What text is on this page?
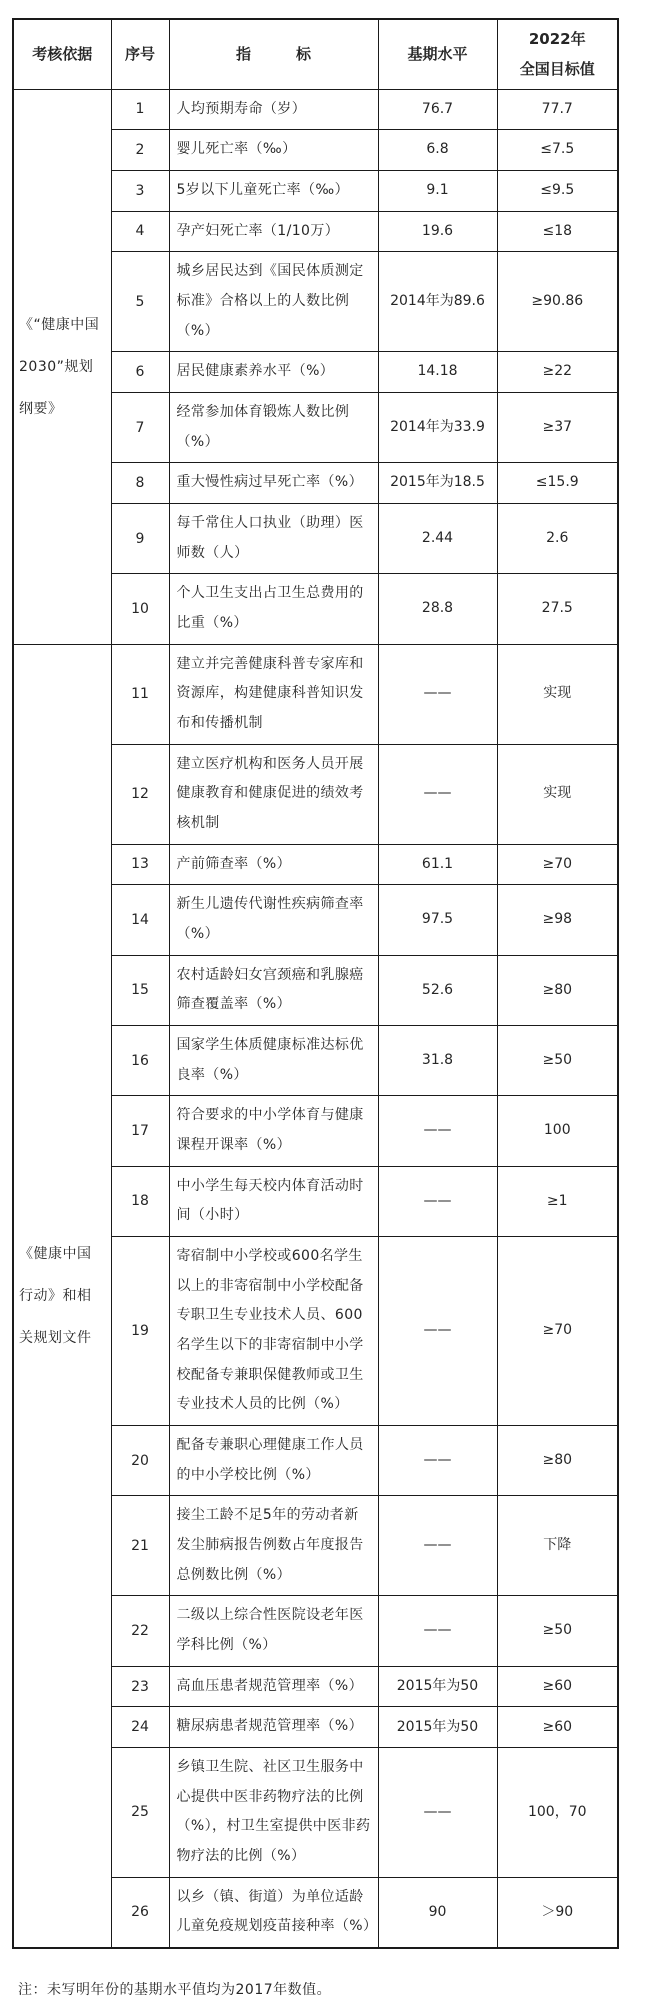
考核依据	序号	指　　　标	基期水平	2022年
全国目标值

《“健康中国2030”规划纲要》	1	人均预期寿命（岁）	76.7	77.7
	2	婴儿死亡率（‰）	6.8	≤7.5
	3	5岁以下儿童死亡率（‰）	9.1	≤9.5
	4	孕产妇死亡率（1/10万）	19.6	≤18
	5	城乡居民达到《国民体质测定标准》合格以上的人数比例（%）	2014年为89.6	≥90.86
	6	居民健康素养水平（%）	14.18	≥22
	7	经常参加体育锻炼人数比例（%）	2014年为33.9	≥37
	8	重大慢性病过早死亡率（%）	2015年为18.5	≤15.9
	9	每千常住人口执业（助理）医师数（人）	2.44	2.6
	10	个人卫生支出占卫生总费用的比重（%）	28.8	27.5
《健康中国行动》和相关规划文件	11	建立并完善健康科普专家库和资源库，构建健康科普知识发布和传播机制	——	实现
	12	建立医疗机构和医务人员开展健康教育和健康促进的绩效考核机制	——	实现
	13	产前筛查率（%）	61.1	≥70
	14	新生儿遗传代谢性疾病筛查率（%）	97.5	≥98
	15	农村适龄妇女宫颈癌和乳腺癌筛查覆盖率（%）	52.6	≥80
	16	国家学生体质健康标准达标优良率（%）	31.8	≥50
	17	符合要求的中小学体育与健康课程开课率（%）	——	100
	18	中小学生每天校内体育活动时间（小时）	——	≥1
	19	寄宿制中小学校或600名学生以上的非寄宿制中小学校配备专职卫生专业技术人员、600名学生以下的非寄宿制中小学校配备专兼职保健教师或卫生专业技术人员的比例（%）	——	≥70
	20	配备专兼职心理健康工作人员的中小学校比例（%）	——	≥80
	21	接尘工龄不足5年的劳动者新发尘肺病报告例数占年度报告总例数比例（%）	——	下降
	22	二级以上综合性医院设老年医学科比例（%）	——	≥50
	23	高血压患者规范管理率（%）	2015年为50	≥60
	24	糖尿病患者规范管理率（%）	2015年为50	≥60
	25	乡镇卫生院、社区卫生服务中心提供中医非药物疗法的比例（%），村卫生室提供中医非药物疗法的比例（%）	——	100，70
	26	以乡（镇、街道）为单位适龄儿童免疫规划疫苗接种率（%）	90	＞90
注：未写明年份的基期水平值均为2017年数值。
